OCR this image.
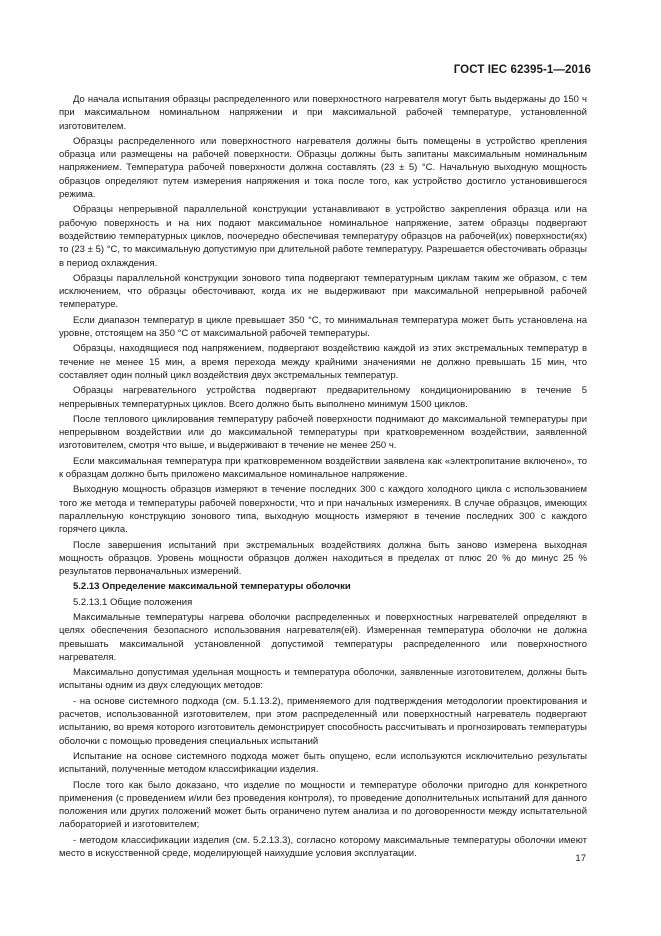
ГОСТ IEC 62395-1—2016

До начала испытания образцы распределенного или поверхностного нагревателя могут быть выдержаны до 150 ч при максимальном номинальном напряжении и при максимальной рабочей температуре, установленной изготовителем.

Образцы распределенного или поверхностного нагревателя должны быть помещены в устройство крепления образца или размещены на рабочей поверхности. Образцы должны быть запитаны максимальным номинальным напряжением. Температура рабочей поверхности должна составлять (23 ± 5) °С. Начальную выходную мощность образцов определяют путем измерения напряжения и тока после того, как устройство достигло установившегося режима.

Образцы непрерывной параллельной конструкции устанавливают в устройство закрепления образца или на рабочую поверхность и на них подают максимальное номинальное напряжение, затем образцы подвергают воздействию температурных циклов, поочередно обеспечивая температуру образцов на рабочей(их) поверхности(ях) то (23 ± 5) °С, то максимальную допустимую при длительной работе температуру. Разрешается обесточивать образцы в период охлаждения.

Образцы параллельной конструкции зонового типа подвергают температурным циклам таким же образом, с тем исключением, что образцы обесточивают, когда их не выдерживают при максимальной непрерывной рабочей температуре.

Если диапазон температур в цикле превышает 350 °С, то минимальная температура может быть установлена на уровне, отстоящем на 350 °С от максимальной рабочей температуры.

Образцы, находящиеся под напряжением, подвергают воздействию каждой из этих экстремальных температур в течение не менее 15 мин, а время перехода между крайними значениями не должно превышать 15 мин, что составляет один полный цикл воздействия двух экстремальных температур.

Образцы нагревательного устройства подвергают предварительному кондиционированию в течение 5 непрерывных температурных циклов. Всего должно быть выполнено минимум 1500 циклов.

После теплового циклирования температуру рабочей поверхности поднимают до максимальной температуры при непрерывном воздействии или до максимальной температуры при кратковременном воздействии, заявленной изготовителем, смотря что выше, и выдерживают в течение не менее 250 ч.

Если максимальная температура при кратковременном воздействии заявлена как «электропитание включено», то к образцам должно быть приложено максимальное номинальное напряжение.

Выходную мощность образцов измеряют в течение последних 300 с каждого холодного цикла с использованием того же метода и температуры рабочей поверхности, что и при начальных измерениях. В случае образцов, имеющих параллельную конструкцию зонового типа, выходную мощность измеряют в течение последних 300 с каждого горячего цикла.

После завершения испытаний при экстремальных воздействиях должна быть заново измерена выходная мощность образцов. Уровень мощности образцов должен находиться в пределах от плюс 20 % до минус 25 % результатов первоначальных измерений.

5.2.13 Определение максимальной температуры оболочки

5.2.13.1 Общие положения

Максимальные температуры нагрева оболочки распределенных и поверхностных нагревателей определяют в целях обеспечения безопасного использования нагревателя(ей). Измеренная температура оболочки не должна превышать максимальной установленной допустимой температуры распределенного или поверхностного нагревателя.

Максимально допустимая удельная мощность и температура оболочки, заявленные изготовителем, должны быть испытаны одним из двух следующих методов:

- на основе системного подхода (см. 5.1.13.2), применяемого для подтверждения методологии проектирования и расчетов, использованной изготовителем, при этом распределенный или поверхностный нагреватель подвергают испытанию, во время которого изготовитель демонстрирует способность рассчитывать и прогнозировать температуры оболочки с помощью проведения специальных испытаний

Испытание на основе системного подхода может быть опущено, если используются исключительно результаты испытаний, полученные методом классификации изделия.

После того как было доказано, что изделие по мощности и температуре оболочки пригодно для конкретного применения (с проведением и/или без проведения контроля), то проведение дополнительных испытаний для данного положения или других положений может быть ограничено путем анализа и по договоренности между испытательной лабораторией и изготовителем;

- методом классификации изделия (см. 5.2.13.3), согласно которому максимальные температуры оболочки имеют место в искусственной среде, моделирующей наихудшие условия эксплуатации.	17
